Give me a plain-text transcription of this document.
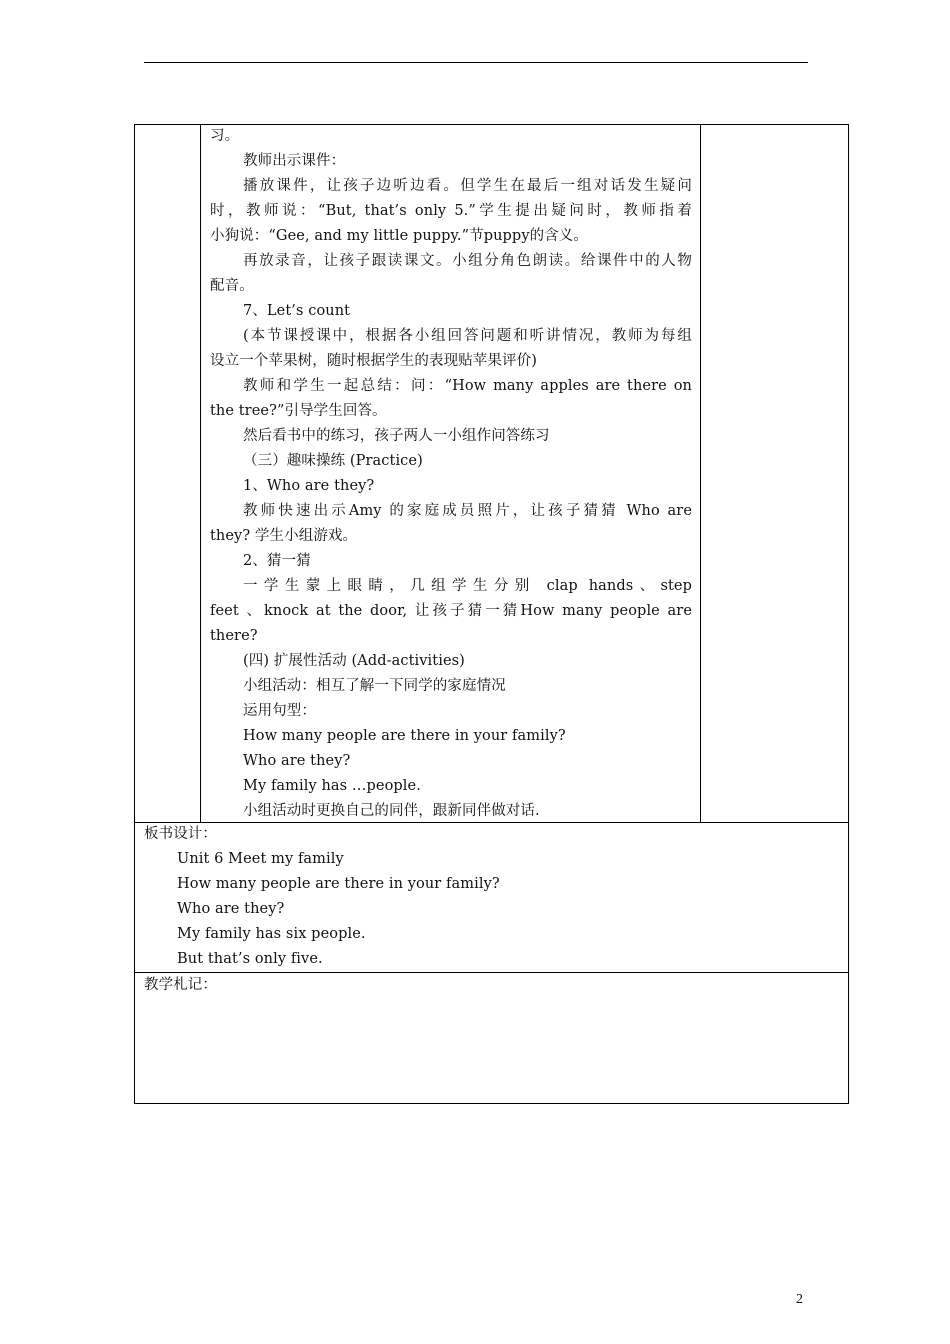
习。
教师出示课件：
播放课件，让孩子边听边看。但学生在最后一组对话发生疑问
时，教师说：“But, that’s only 5.”学生提出疑问时，教师指着
小狗说：“Gee, and my little puppy.”节puppy的含义。
再放录音，让孩子跟读课文。小组分角色朗读。给课件中的人物
配音。
7、Let’s count
(本节课授课中，根据各小组回答问题和听讲情况，教师为每组
设立一个苹果树，随时根据学生的表现贴苹果评价)
教师和学生一起总结：问：“How many apples are there on
the tree?”引导学生回答。
然后看书中的练习，孩子两人一小组作问答练习
（三）趣味操练 (Practice)
1、Who are they?
教师快速出示Amy 的家庭成员照片，让孩子猜猜 Who are
they? 学生小组游戏。
2、猜一猜
一学生蒙上眼睛，几组学生分别 clap hands、step
feet 、knock at the door, 让孩子猜一猜How many people are
there?
(四) 扩展性活动 (Add-activities)
小组活动：相互了解一下同学的家庭情况
运用句型：
How many people are there in your family?
Who are they?
My family has …people.
小组活动时更换自己的同伴，跟新同伴做对话.
板书设计：
Unit 6 Meet my family
How many people are there in your family?
Who are they?
My family has six people.
But that’s only five.
教学札记：
2
